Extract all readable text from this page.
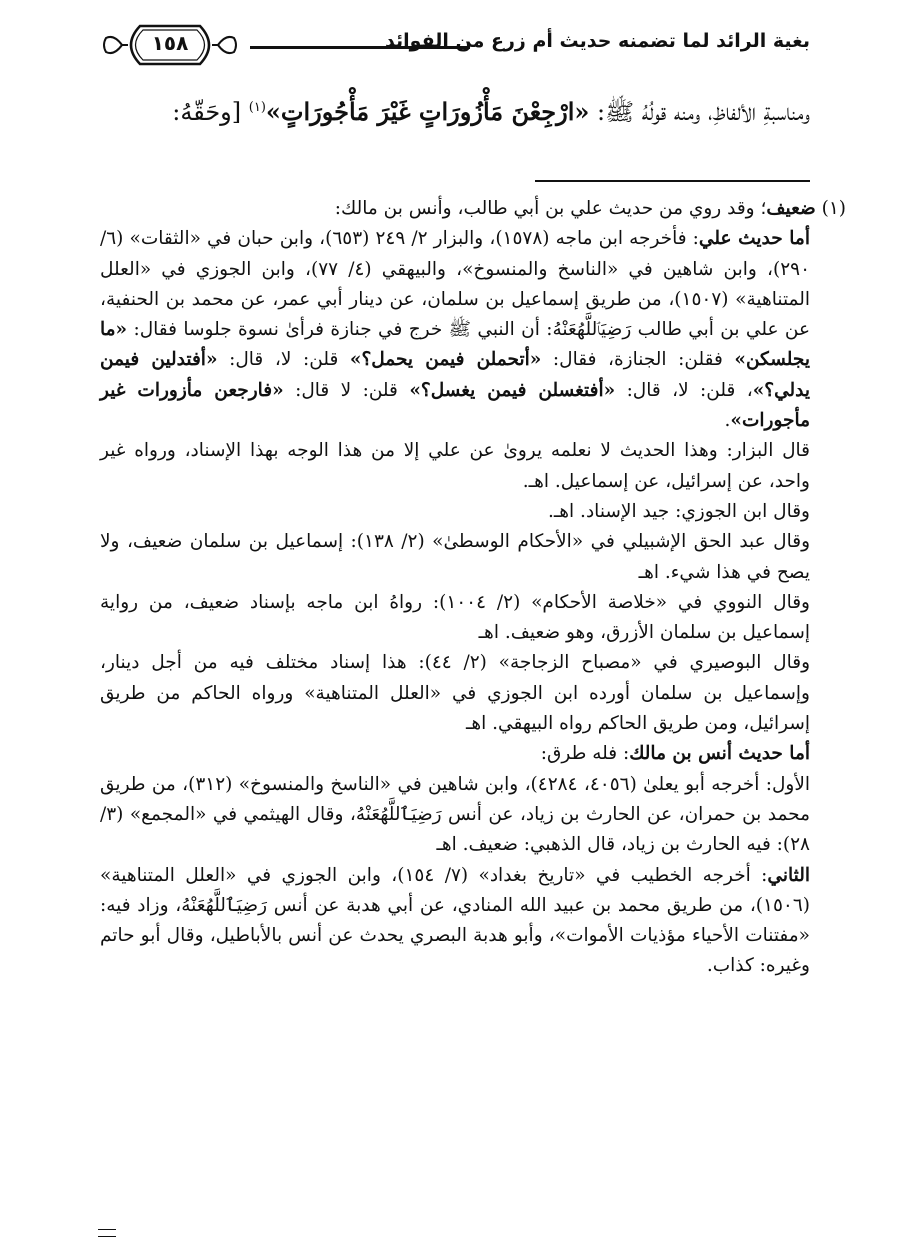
١٥٨	بغية الرائد لما تضمنه حديث أم زرع من الفوائد
ومناسبةِ الألفاظِ، ومنه قولُهُ ﷺ: «ارْجِعْنَ مَأْزُورَاتٍ غَيْرَ مَأْجُورَاتٍ»$^{(١)}$ [وحَقّهُ:

(١) ضعيف؛ وقد روي من حديث علي بن أبي طالب، وأنس بن مالك:

أما حديث علي: فأخرجه ابن ماجه (١٥٧٨)، والبزار ٢/ ٢٤٩ (٦٥٣)، وابن حبان في «الثقات» (٦/ ٢٩٠)، وابن شاهين في «الناسخ والمنسوخ»، والبيهقي (٤/ ٧٧)، وابن الجوزي في «العلل المتناهية» (١٥٠٧)، من طريق إسماعيل بن سلمان، عن دينار أبي عمر، عن محمد بن الحنفية، عن علي بن أبي طالب رَضِيَٱللَّهُعَنْهُ: أن النبي ﷺ خرج في جنازة فرأىٰ نسوة جلوسا فقال: «ما يجلسكن» فقلن: الجنازة، فقال: «أتحملن فيمن يحمل؟» قلن: لا، قال: «أفتدلين فيمن يدلي؟»، قلن: لا، قال: «أفتغسلن فيمن يغسل؟» قلن: لا قال: «فارجعن مأزورات غير مأجورات».

قال البزار: وهذا الحديث لا نعلمه يروىٰ عن علي إلا من هذا الوجه بهذا الإسناد، ورواه غير واحد، عن إسرائيل، عن إسماعيل. اهـ.

وقال ابن الجوزي: جيد الإسناد. اهـ.

وقال عبد الحق الإشبيلي في «الأحكام الوسطىٰ» (٢/ ١٣٨): إسماعيل بن سلمان ضعيف، ولا يصح في هذا شيء. اهـ

وقال النووي في «خلاصة الأحكام» (٢/ ١٠٠٤): رواهُ ابن ماجه بإسناد ضعيف، من رواية إسماعيل بن سلمان الأزرق، وهو ضعيف. اهـ

وقال البوصيري في «مصباح الزجاجة» (٢/ ٤٤): هذا إسناد مختلف فيه من أجل دينار، وإسماعيل بن سلمان أورده ابن الجوزي في «العلل المتناهية» ورواه الحاكم من طريق إسرائيل، ومن طريق الحاكم رواه البيهقي. اهـ

أما حديث أنس بن مالك: فله طرق:

الأول: أخرجه أبو يعلىٰ (٤٠٥٦، ٤٢٨٤)، وابن شاهين في «الناسخ والمنسوخ» (٣١٢)، من طريق محمد بن حمران، عن الحارث بن زياد، عن أنس رَضِيَٱللَّهُعَنْهُ، وقال الهيثمي في «المجمع» (٣/ ٢٨): فيه الحارث بن زياد، قال الذهبي: ضعيف. اهـ

الثاني: أخرجه الخطيب في «تاريخ بغداد» (٧/ ١٥٤)، وابن الجوزي في «العلل المتناهية» (١٥٠٦)، من طريق محمد بن عبيد الله المنادي، عن أبي هدبة عن أنس رَضِيَٱللَّهُعَنْهُ، وزاد فيه: «مفتنات الأحياء مؤذيات الأموات»، وأبو هدبة البصري يحدث عن أنس بالأباطيل، وقال أبو حاتم وغيره: كذاب.
